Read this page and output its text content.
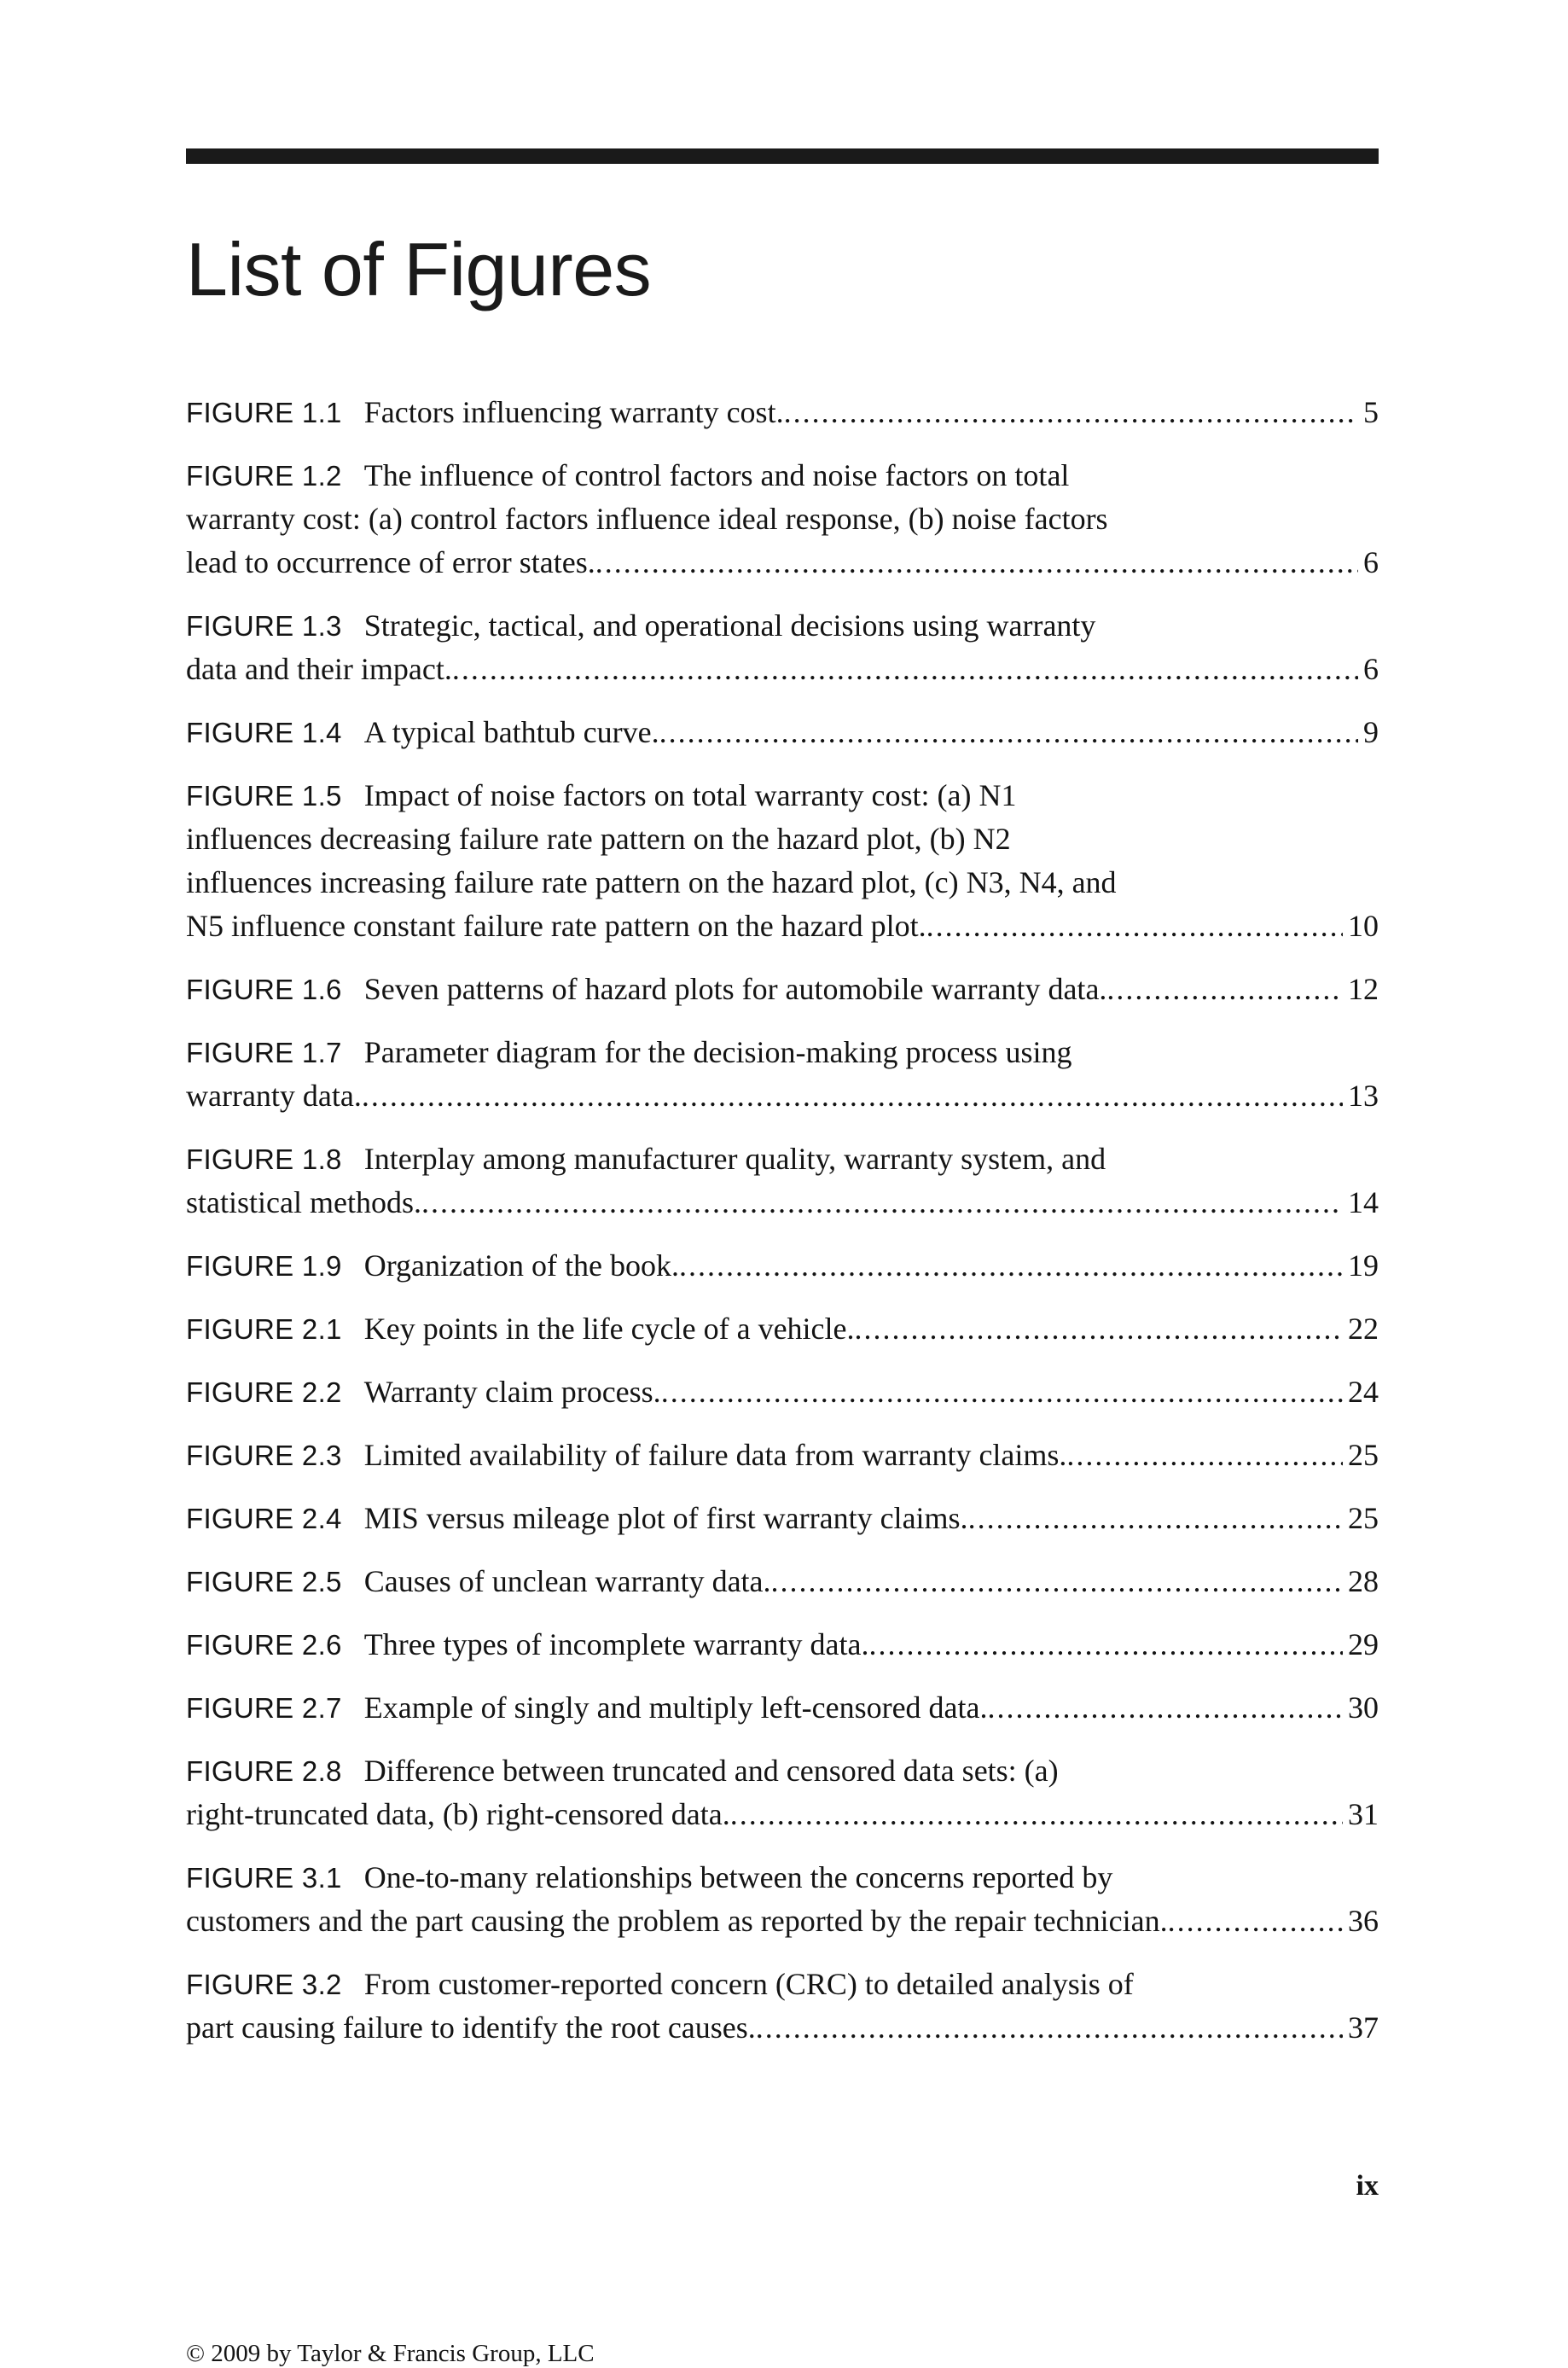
List of Figures
FIGURE 1.1 Factors influencing warranty cost. .....	5
FIGURE 1.2 The influence of control factors and noise factors on total
warranty cost: (a) control factors influence ideal response, (b) noise factors
lead to occurrence of error states. .....	6
FIGURE 1.3 Strategic, tactical, and operational decisions using warranty
data and their impact. .....	6
FIGURE 1.4 A typical bathtub curve. .....	9
FIGURE 1.5 Impact of noise factors on total warranty cost: (a) N1
influences decreasing failure rate pattern on the hazard plot, (b) N2
influences increasing failure rate pattern on the hazard plot, (c) N3, N4, and
N5 influence constant failure rate pattern on the hazard plot. .....	10
FIGURE 1.6 Seven patterns of hazard plots for automobile warranty data. .....	12
FIGURE 1.7 Parameter diagram for the decision-making process using
warranty data. .....	13
FIGURE 1.8 Interplay among manufacturer quality, warranty system, and
statistical methods. .....	14
FIGURE 1.9 Organization of the book. .....	19
FIGURE 2.1 Key points in the life cycle of a vehicle. .....	22
FIGURE 2.2 Warranty claim process. .....	24
FIGURE 2.3 Limited availability of failure data from warranty claims. .....	25
FIGURE 2.4 MIS versus mileage plot of first warranty claims. .....	25
FIGURE 2.5 Causes of unclean warranty data. .....	28
FIGURE 2.6 Three types of incomplete warranty data. .....	29
FIGURE 2.7 Example of singly and multiply left-censored data. .....	30
FIGURE 2.8 Difference between truncated and censored data sets: (a)
right-truncated data, (b) right-censored data. .....	31
FIGURE 3.1 One-to-many relationships between the concerns reported by
customers and the part causing the problem as reported by the repair technician. .....	36
FIGURE 3.2 From customer-reported concern (CRC) to detailed analysis of
part causing failure to identify the root causes. .....	37
ix
© 2009 by Taylor & Francis Group, LLC
